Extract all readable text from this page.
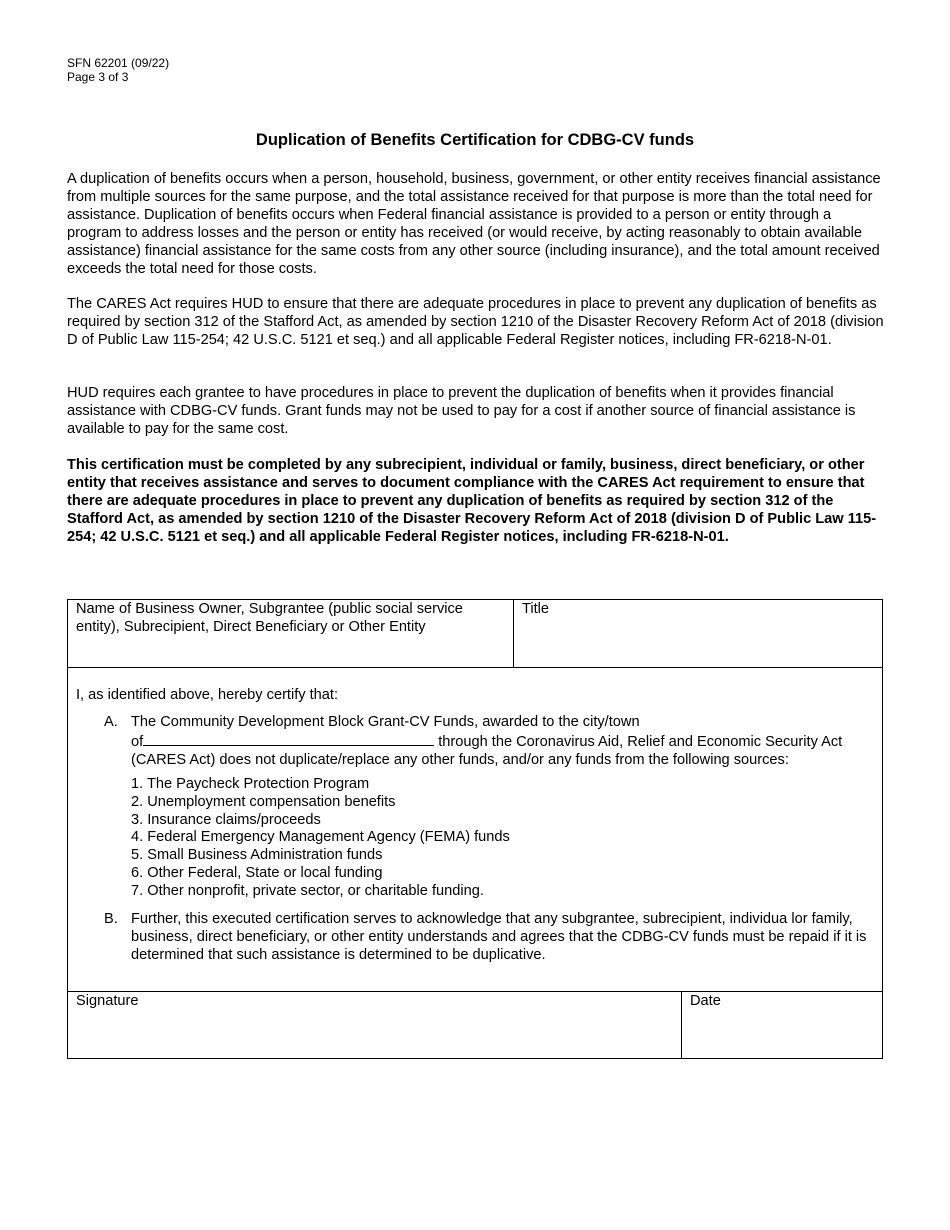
SFN 62201 (09/22)
Page 3 of 3
Duplication of Benefits Certification for CDBG-CV funds

A duplication of benefits occurs when a person, household, business, government, or other entity receives financial assistance from multiple sources for the same purpose, and the total assistance received for that purpose is more than the total need for assistance. Duplication of benefits occurs when Federal financial assistance is provided to a person or entity through a program to address losses and the person or entity has received (or would receive, by acting reasonably to obtain available assistance) financial assistance for the same costs from any other source (including insurance), and the total amount received exceeds the total need for those costs.

The CARES Act requires HUD to ensure that there are adequate procedures in place to prevent any duplication of benefits as required by section 312 of the Stafford Act, as amended by section 1210 of the Disaster Recovery Reform Act of 2018 (division D of Public Law 115-254; 42 U.S.C. 5121 et seq.) and all applicable Federal Register notices, including FR-6218-N-01.

HUD requires each grantee to have procedures in place to prevent the duplication of benefits when it provides financial assistance with CDBG-CV funds. Grant funds may not be used to pay for a cost if another source of financial assistance is available to pay for the same cost.

This certification must be completed by any subrecipient, individual or family, business, direct beneficiary, or other entity that receives assistance and serves to document compliance with the CARES Act requirement to ensure that there are adequate procedures in place to prevent any duplication of benefits as required by section 312 of the Stafford Act, as amended by section 1210 of the Disaster Recovery Reform Act of 2018 (division D of Public Law 115-254; 42 U.S.C. 5121 et seq.) and all applicable Federal Register notices, including FR-6218-N-01.

Name of Business Owner, Subgrantee (public social service entity), Subrecipient, Direct Beneficiary or Other Entity
Title
I, as identified above, hereby certify that:
A. The Community Development Block Grant-CV Funds, awarded to the city/town
of	through the Coronavirus Aid, Relief and Economic Security Act (CARES Act) does not duplicate/replace any other funds, and/or any funds from the following sources:
1. The Paycheck Protection Program
2. Unemployment compensation benefits
3. Insurance claims/proceeds
4. Federal Emergency Management Agency (FEMA) funds
5. Small Business Administration funds
6. Other Federal, State or local funding
7. Other nonprofit, private sector, or charitable funding.
B. Further, this executed certification serves to acknowledge that any subgrantee, subrecipient, individua lor family, business, direct beneficiary, or other entity understands and agrees that the CDBG-CV funds must be repaid if it is determined that such assistance is determined to be duplicative.
Signature	Date
